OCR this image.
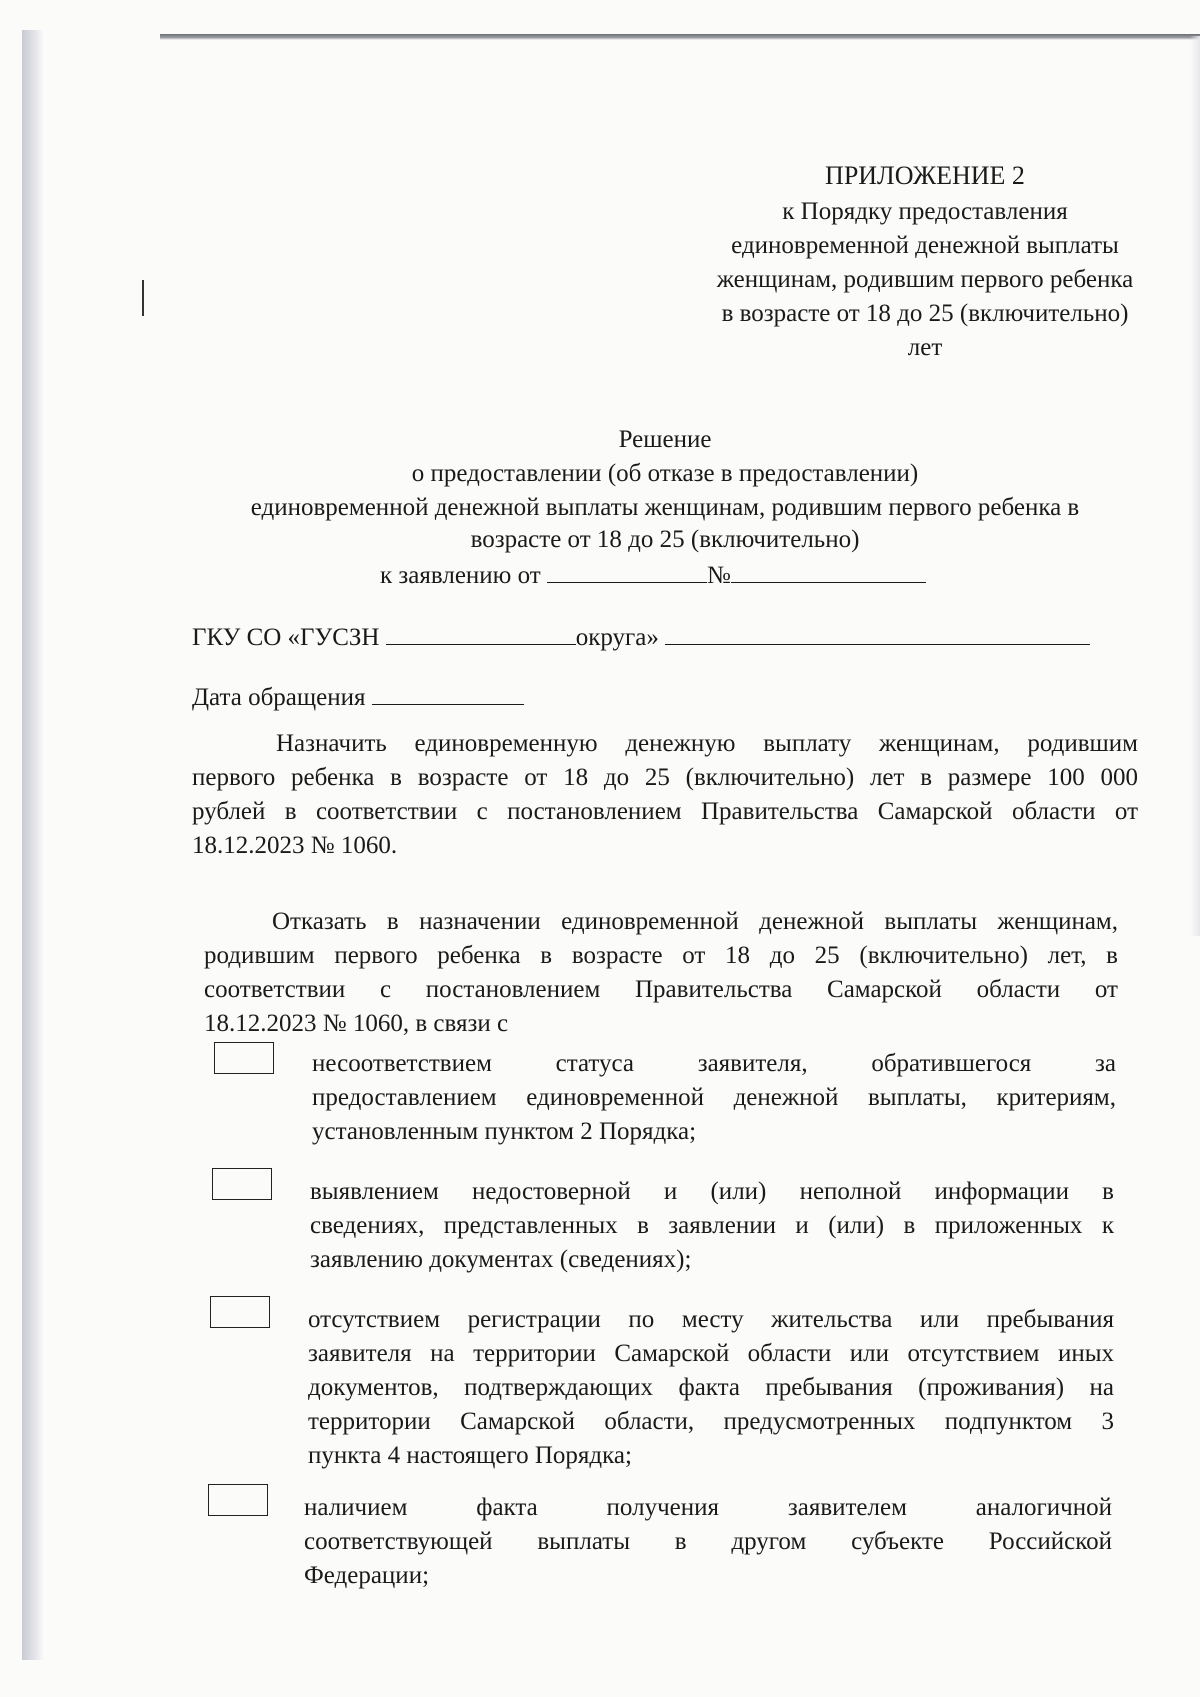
ПРИЛОЖЕНИЕ 2
к Порядку предоставления
единовременной денежной выплаты
женщинам, родившим первого ребенка
в возрасте от 18 до 25 (включительно)
лет
Решение
о предоставлении (об отказе в предоставлении)
единовременной денежной выплаты женщинам, родившим первого ребенка в
возрасте от 18 до 25 (включительно)
к заявлению от	№
ГКУ СО «ГУСЗН	округа»
Дата обращения
Назначить единовременную денежную выплату женщинам, родившим
первого ребенка в возрасте от 18 до 25 (включительно) лет в размере 100 000
рублей в соответствии с постановлением Правительства Самарской области от
18.12.2023 № 1060.
Отказать в назначении единовременной денежной выплаты женщинам,
родившим первого ребенка в возрасте от 18 до 25 (включительно) лет, в
соответствии с постановлением Правительства Самарской области от
18.12.2023 № 1060, в связи с
несоответствием статуса заявителя, обратившегося за
предоставлением единовременной денежной выплаты, критериям,
установленным пунктом 2 Порядка;
выявлением недостоверной и (или) неполной информации в
сведениях, представленных в заявлении и (или) в приложенных к
заявлению документах (сведениях);
отсутствием регистрации по месту жительства или пребывания
заявителя на территории Самарской области или отсутствием иных
документов, подтверждающих факта пребывания (проживания) на
территории Самарской области, предусмотренных подпунктом 3
пункта 4 настоящего Порядка;
наличием факта получения заявителем аналогичной
соответствующей выплаты в другом субъекте Российской
Федерации;
